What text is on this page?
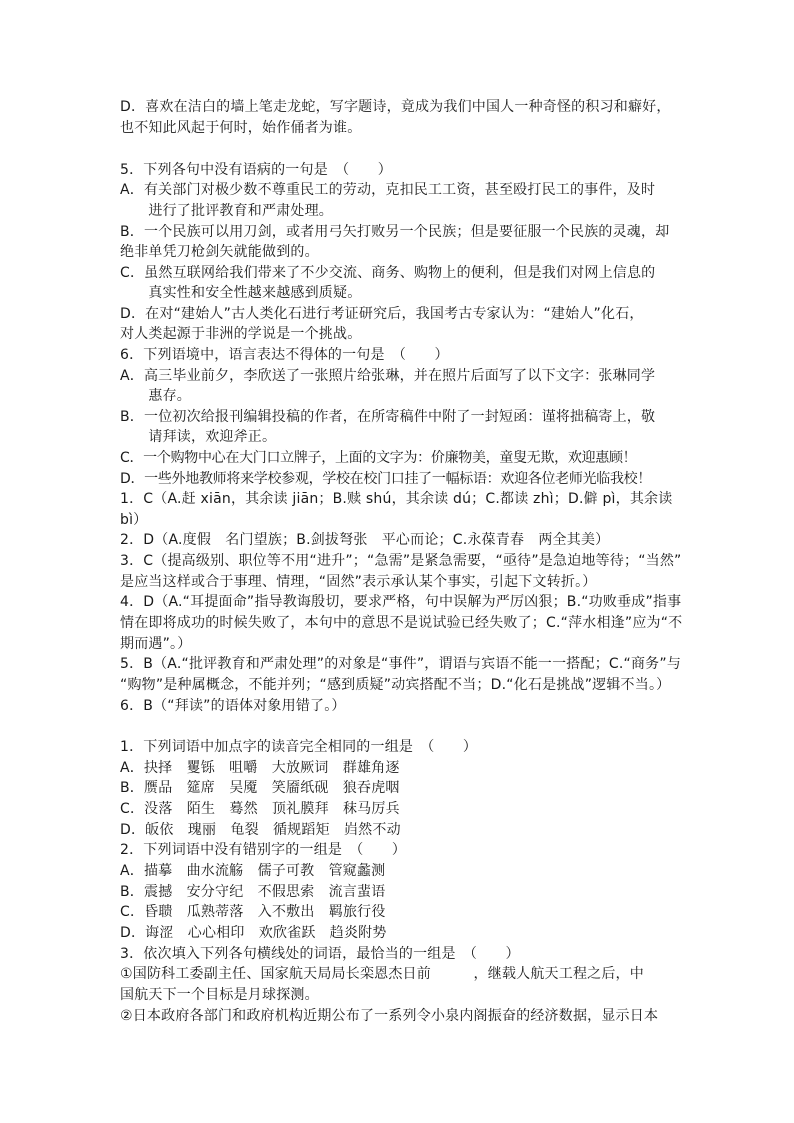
D．喜欢在洁白的墙上笔走龙蛇，写字题诗，竟成为我们中国人一种奇怪的积习和癖好，
也不知此风起于何时，始作俑者为谁。
5．下列各句中没有语病的一句是　（　　）
A．有关部门对极少数不尊重民工的劳动，克扣民工工资，甚至殴打民工的事件，及时
　　进行了批评教育和严肃处理。
B．一个民族可以用刀剑，或者用弓矢打败另一个民族；但是要征服一个民族的灵魂，却
绝非单凭刀枪剑矢就能做到的。
C．虽然互联网给我们带来了不少交流、商务、购物上的便利，但是我们对网上信息的
　　真实性和安全性越来越感到质疑。
D．在对“建始人”古人类化石进行考证研究后，我国考古专家认为：“建始人”化石，
对人类起源于非洲的学说是一个挑战。
6．下列语境中，语言表达不得体的一句是　（　　）
A．高三毕业前夕，李欣送了一张照片给张琳，并在照片后面写了以下文字：张琳同学
　　惠存。
B．一位初次给报刊编辑投稿的作者，在所寄稿件中附了一封短函：谨将拙稿寄上，敬
　　请拜读，欢迎斧正。
C．一个购物中心在大门口立牌子，上面的文字为：价廉物美，童叟无欺，欢迎惠顾！
D．一些外地教师将来学校参观，学校在校门口挂了一幅标语：欢迎各位老师光临我校！
1．C（A.赶 xiān，其余读 jiān；B.赎 shú，其余读 dú；C.都读 zhì；D.僻 pì，其余读
bì）
2．D（A.度假　名门望族；B.剑拔弩张　平心而论；C.永葆青春　两全其美）
3．C（提高级别、职位等不用“进升”；“急需”是紧急需要，“亟待”是急迫地等待；“当然”
是应当这样或合于事理、情理，“固然”表示承认某个事实，引起下文转折。）
4．D（A.“耳提面命”指导教诲殷切，要求严格，句中误解为严厉凶狠；B.“功败垂成”指事
情在即将成功的时候失败了，本句中的意思不是说试验已经失败了；C.“萍水相逢”应为“不
期而遇”。）
5．B（A.“批评教育和严肃处理”的对象是“事件”，谓语与宾语不能一一搭配；C.“商务”与
“购物”是种属概念，不能并列；“感到质疑”动宾搭配不当；D.“化石是挑战”逻辑不当。）
6．B（“拜读”的语体对象用错了。）
1．下列词语中加点字的读音完全相同的一组是　（　　）
A．抉择　矍铄　咀嚼　大放厥词　群雄角逐
B．赝品　筵席　吴魇　笑靥纸砚　狼吞虎咽
C．没落　陌生　蓦然　顶礼膜拜　秣马厉兵
D．皈依　瑰丽　龟裂　循规蹈矩　岿然不动
2．下列词语中没有错别字的一组是　（　　）
A．描摹　曲水流觞　儒子可教　管窥蠡测
B．震撼　安分守纪　不假思索　流言蜚语
C．昏聩　瓜熟蒂落　入不敷出　羁旅行役
D．诲涩　心心相印　欢欣雀跃　趋炎附势
3．依次填入下列各句横线处的词语，最恰当的一组是　（　　）
①国防科工委副主任、国家航天局局长栾恩杰日前　　　，继载人航天工程之后，中
国航天下一个目标是月球探测。
②日本政府各部门和政府机构近期公布了一系列令小泉内阁振奋的经济数据，显示日本
